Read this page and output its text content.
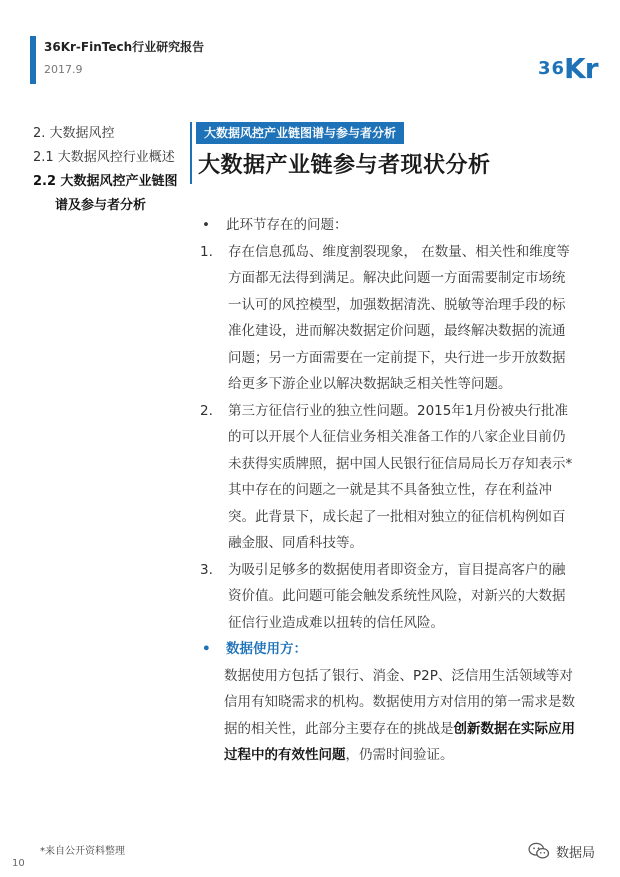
36Kr-FinTech行业研究报告
2017.9	36
Kr
2. 大数据风控
2.1 大数据风控行业概述
2.2 大数据风控产业链图
谱及参与者分析
大数据风控产业链图谱与参与者分析
大数据产业链参与者现状分析
• 此环节存在的问题：
1. 存在信息孤岛、维度割裂现象， 在数量、相关性和维度等方面都无法得到满足。解决此问题一方面需要制定市场统一认可的风控模型，加强数据清洗、脱敏等治理手段的标准化建设，进而解决数据定价问题，最终解决数据的流通问题；另一方面需要在一定前提下，央行进一步开放数据给更多下游企业以解决数据缺乏相关性等问题。
2. 第三方征信行业的独立性问题。2015年1月份被央行批准的可以开展个人征信业务相关准备工作的八家企业目前仍未获得实质牌照，据中国人民银行征信局局长万存知表示*其中存在的问题之一就是其不具备独立性，存在利益冲突。此背景下，成长起了一批相对独立的征信机构例如百融金服、同盾科技等。
3. 为吸引足够多的数据使用者即资金方，盲目提高客户的融资价值。此问题可能会触发系统性风险，对新兴的大数据征信行业造成难以扭转的信任风险。
• 数据使用方：
数据使用方包括了银行、消金、P2P、泛信用生活领域等对信用有知晓需求的机构。数据使用方对信用的第一需求是数据的相关性，此部分主要存在的挑战是创新数据在实际应用过程中的有效性问题，仍需时间验证。
*来自公开资料整理
10
数据局
